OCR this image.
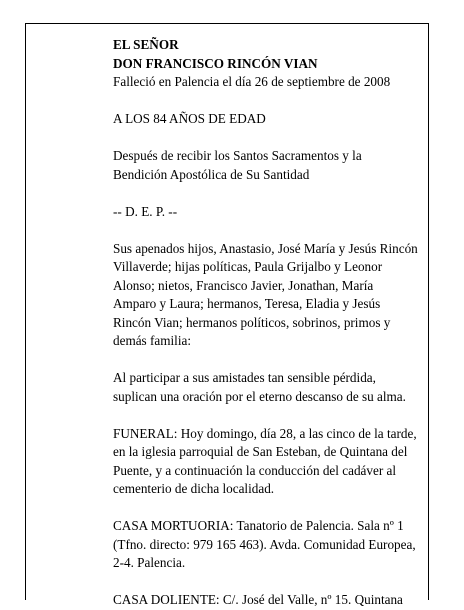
EL SEÑOR

DON FRANCISCO RINCÓN VIAN

Falleció en Palencia el día 26 de septiembre de 2008

A LOS 84 AÑOS DE EDAD

Después de recibir los Santos Sacramentos y la Bendición Apostólica de Su Santidad

-- D. E. P. --

Sus apenados hijos, Anastasio, José María y Jesús Rincón Villaverde; hijas políticas, Paula Grijalbo y Leonor Alonso; nietos, Francisco Javier, Jonathan, María Amparo y Laura; hermanos, Teresa, Eladia y Jesús Rincón Vian; hermanos políticos, sobrinos, primos y demás familia:

Al participar a sus amistades tan sensible pérdida, suplican una oración por el eterno descanso de su alma.

FUNERAL: Hoy domingo, día 28, a las cinco de la tarde, en la iglesia parroquial de San Esteban, de Quintana del Puente, y a continuación la conducción del cadáver al cementerio de dicha localidad.

CASA MORTUORIA: Tanatorio de Palencia. Sala nº 1 (Tfno. directo: 979 165 463). Avda. Comunidad Europea, 2-4. Palencia.

CASA DOLIENTE: C/. José del Valle, nº 15. Quintana
